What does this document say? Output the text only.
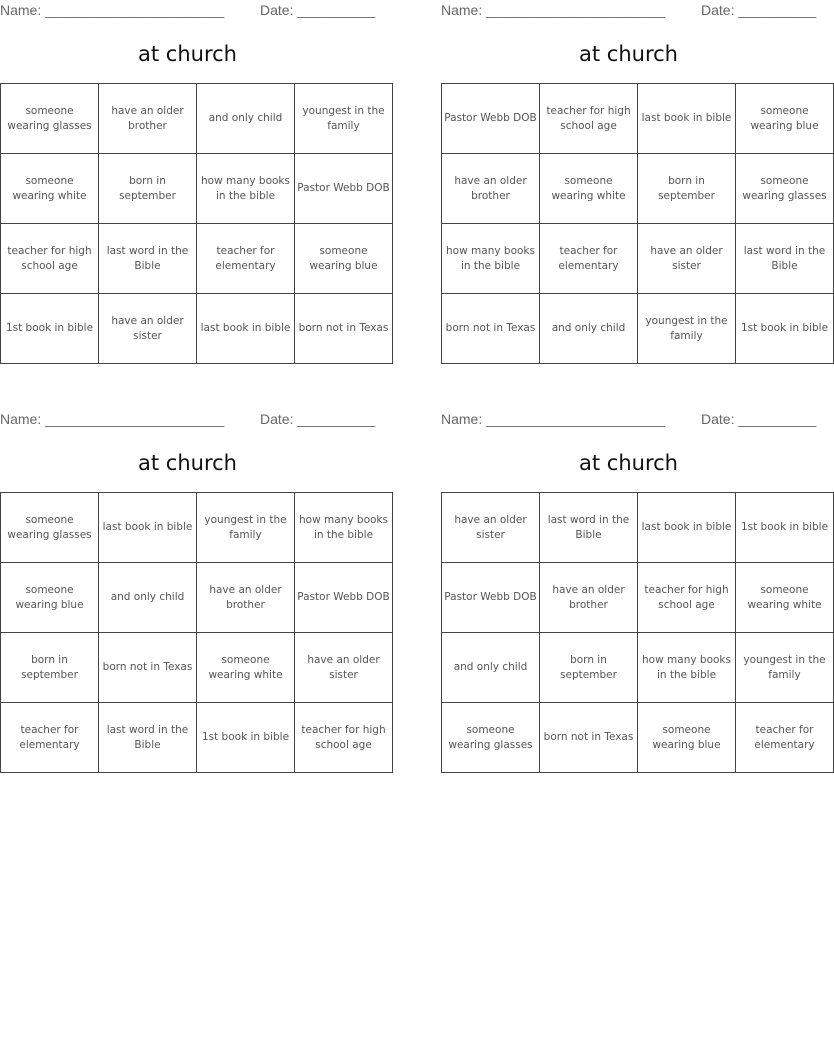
Name: _______________________	Date: __________
at church
someone wearing glasses	have an older brother	and only child	youngest in the family
someone wearing white	born in september	how many books in the bible	Pastor Webb DOB
teacher for high school age	last word in the Bible	teacher for elementary	someone wearing blue
1st book in bible	have an older sister	last book in bible	born not in Texas
Name: _______________________	Date: __________
at church
Pastor Webb DOB	teacher for high school age	last book in bible	someone wearing blue
have an older brother	someone wearing white	born in september	someone wearing glasses
how many books in the bible	teacher for elementary	have an older sister	last word in the Bible
born not in Texas	and only child	youngest in the family	1st book in bible
Name: _______________________	Date: __________
at church
someone wearing glasses	last book in bible	youngest in the family	how many books in the bible
someone wearing blue	and only child	have an older brother	Pastor Webb DOB
born in september	born not in Texas	someone wearing white	have an older sister
teacher for elementary	last word in the Bible	1st book in bible	teacher for high school age
Name: _______________________	Date: __________
at church
have an older sister	last word in the Bible	last book in bible	1st book in bible
Pastor Webb DOB	have an older brother	teacher for high school age	someone wearing white
and only child	born in september	how many books in the bible	youngest in the family
someone wearing glasses	born not in Texas	someone wearing blue	teacher for elementary
